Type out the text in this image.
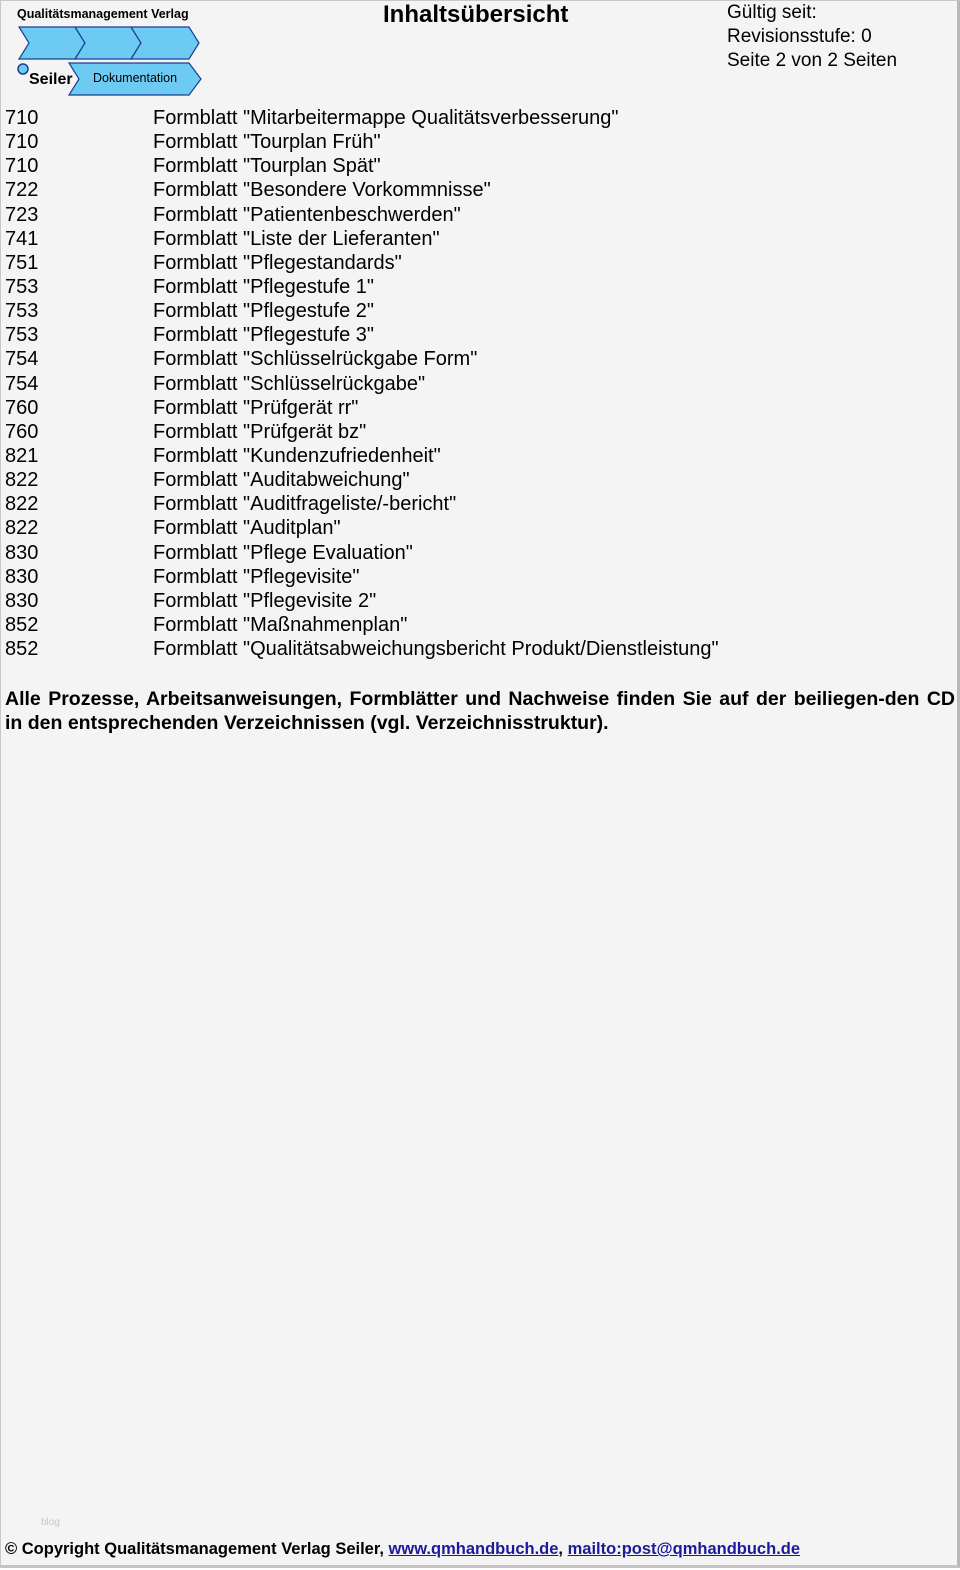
Qualitätsmanagement Verlag
Seiler Dokumentation
Inhaltsübersicht	Gültig seit:
Revisionsstufe: 0
Seite 2 von 2 Seiten
710	Formblatt "Mitarbeitermappe Qualitätsverbesserung"
710	Formblatt "Tourplan Früh"
710	Formblatt "Tourplan Spät"
722	Formblatt "Besondere Vorkommnisse"
723	Formblatt "Patientenbeschwerden"
741	Formblatt "Liste der Lieferanten"
751	Formblatt "Pflegestandards"
753	Formblatt "Pflegestufe 1"
753	Formblatt "Pflegestufe 2"
753	Formblatt "Pflegestufe 3"
754	Formblatt "Schlüsselrückgabe Form"
754	Formblatt "Schlüsselrückgabe"
760	Formblatt "Prüfgerät rr"
760	Formblatt "Prüfgerät bz"
821	Formblatt "Kundenzufriedenheit"
822	Formblatt "Auditabweichung"
822	Formblatt "Auditfrageliste/-bericht"
822	Formblatt "Auditplan"
830	Formblatt "Pflege Evaluation"
830	Formblatt "Pflegevisite"
830	Formblatt "Pflegevisite 2"
852	Formblatt "Maßnahmenplan"
852	Formblatt "Qualitätsabweichungsbericht Produkt/Dienstleistung"
Alle Prozesse, Arbeitsanweisungen, Formblätter und Nachweise finden Sie auf der beiliegen-den CD in den entsprechenden Verzeichnissen (vgl. Verzeichnisstruktur).
blog
© Copyright Qualitätsmanagement Verlag Seiler, www.qmhandbuch.de, mailto:post@qmhandbuch.de
